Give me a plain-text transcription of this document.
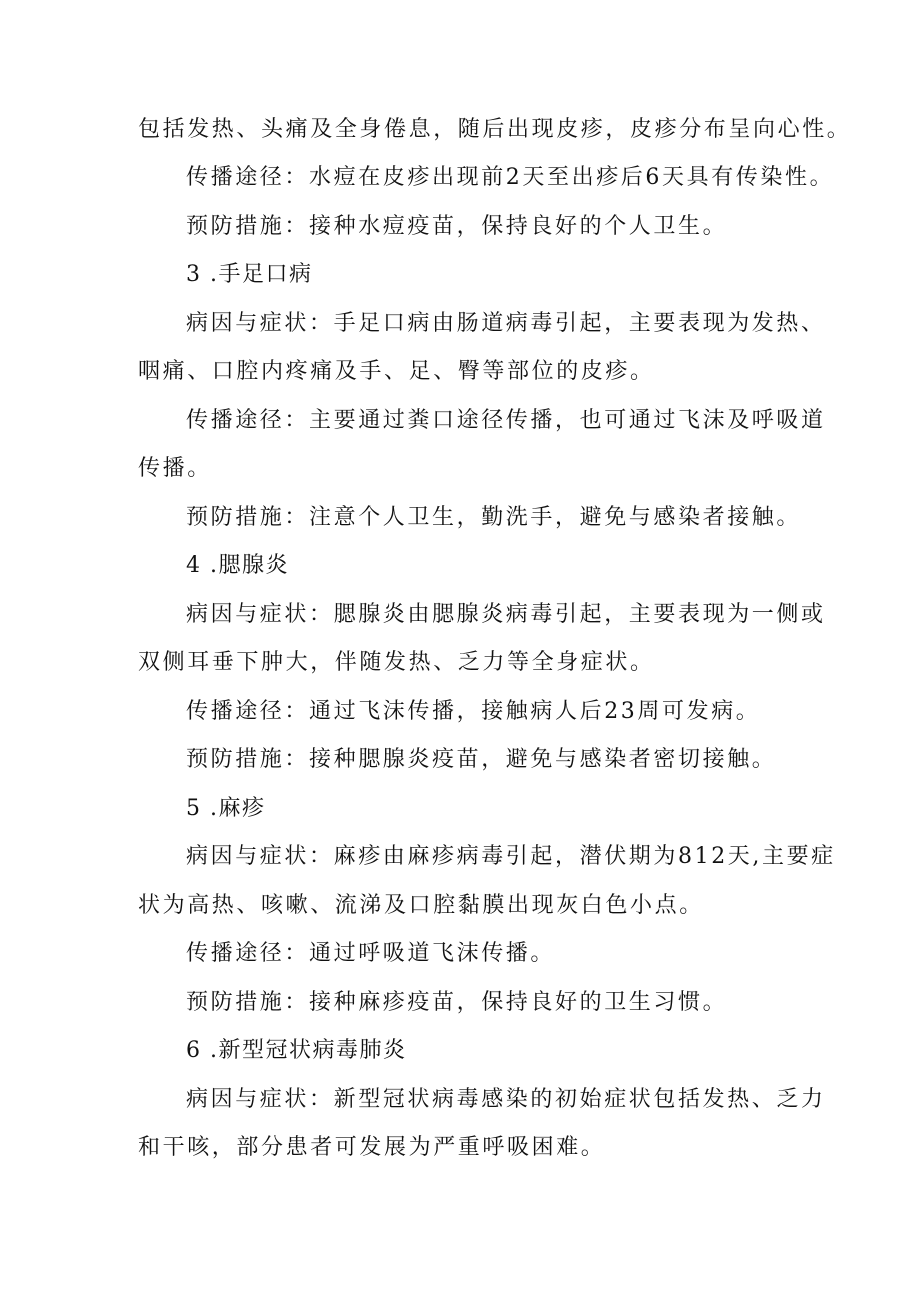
包括发热、头痛及全身倦息，随后出现皮疹，皮疹分布呈向心性。
传播途径：水痘在皮疹出现前2天至出疹后6天具有传染性。
预防措施：接种水痘疫苗，保持良好的个人卫生。
3 .手足口病
病因与症状：手足口病由肠道病毒引起，主要表现为发热、
咽痛、口腔内疼痛及手、足、臀等部位的皮疹。
传播途径：主要通过粪口途径传播，也可通过飞沫及呼吸道
传播。
预防措施：注意个人卫生，勤洗手，避免与感染者接触。
4 .腮腺炎
病因与症状：腮腺炎由腮腺炎病毒引起，主要表现为一侧或
双侧耳垂下肿大，伴随发热、乏力等全身症状。
传播途径：通过飞沫传播，接触病人后23周可发病。
预防措施：接种腮腺炎疫苗，避免与感染者密切接触。
5 .麻疹
病因与症状：麻疹由麻疹病毒引起，潜伏期为812天,主要症
状为高热、咳嗽、流涕及口腔黏膜出现灰白色小点。
传播途径：通过呼吸道飞沫传播。
预防措施：接种麻疹疫苗，保持良好的卫生习惯。
6 .新型冠状病毒肺炎
病因与症状：新型冠状病毒感染的初始症状包括发热、乏力
和干咳，部分患者可发展为严重呼吸困难。
